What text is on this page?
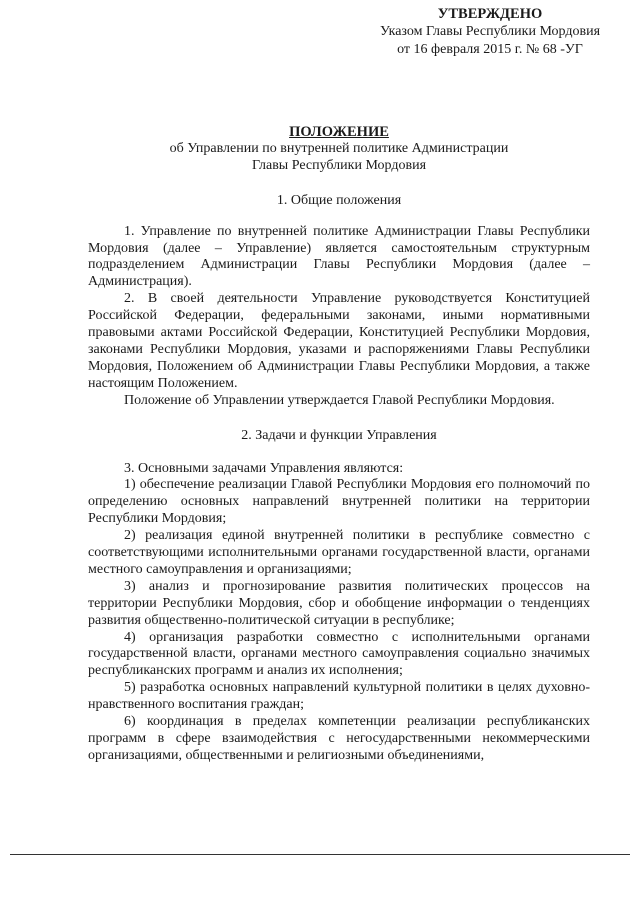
УТВЕРЖДЕНО
Указом Главы Республики Мордовия
от 16 февраля 2015 г. № 68 -УГ
ПОЛОЖЕНИЕ
об Управлении по внутренней политике Администрации
Главы Республики Мордовия
1. Общие положения

1. Управление по внутренней политике Администрации Главы Республики Мордовия (далее – Управление) является самостоятельным структурным подразделением Администрации Главы Республики Мордовия (далее – Администрация).

2. В своей деятельности Управление руководствуется Конституцией Российской Федерации, федеральными законами, иными нормативными правовыми актами Российской Федерации, Конституцией Республики Мордовия, законами Республики Мордовия, указами и распоряжениями Главы Республики Мордовия, Положением об Администрации Главы Республики Мордовия, а также настоящим Положением.

Положение об Управлении утверждается Главой Республики Мордовия.

2. Задачи и функции Управления

3. Основными задачами Управления являются:

1) обеспечение реализации Главой Республики Мордовия его полномочий по определению основных направлений внутренней политики на территории Республики Мордовия;

2) реализация единой внутренней политики в республике совместно с соответствующими исполнительными органами государственной власти, органами местного самоуправления и организациями;

3) анализ и прогнозирование развития политических процессов на территории Республики Мордовия, сбор и обобщение информации о тенденциях развития общественно-политической ситуации в республике;

4) организация разработки совместно с исполнительными органами государственной власти, органами местного самоуправления социально значимых республиканских программ и анализ их исполнения;

5) разработка основных направлений культурной политики в целях духовно-нравственного воспитания граждан;

6) координация в пределах компетенции реализации республиканских программ в сфере взаимодействия с негосударственными некоммерческими организациями, общественными и религиозными объединениями,
